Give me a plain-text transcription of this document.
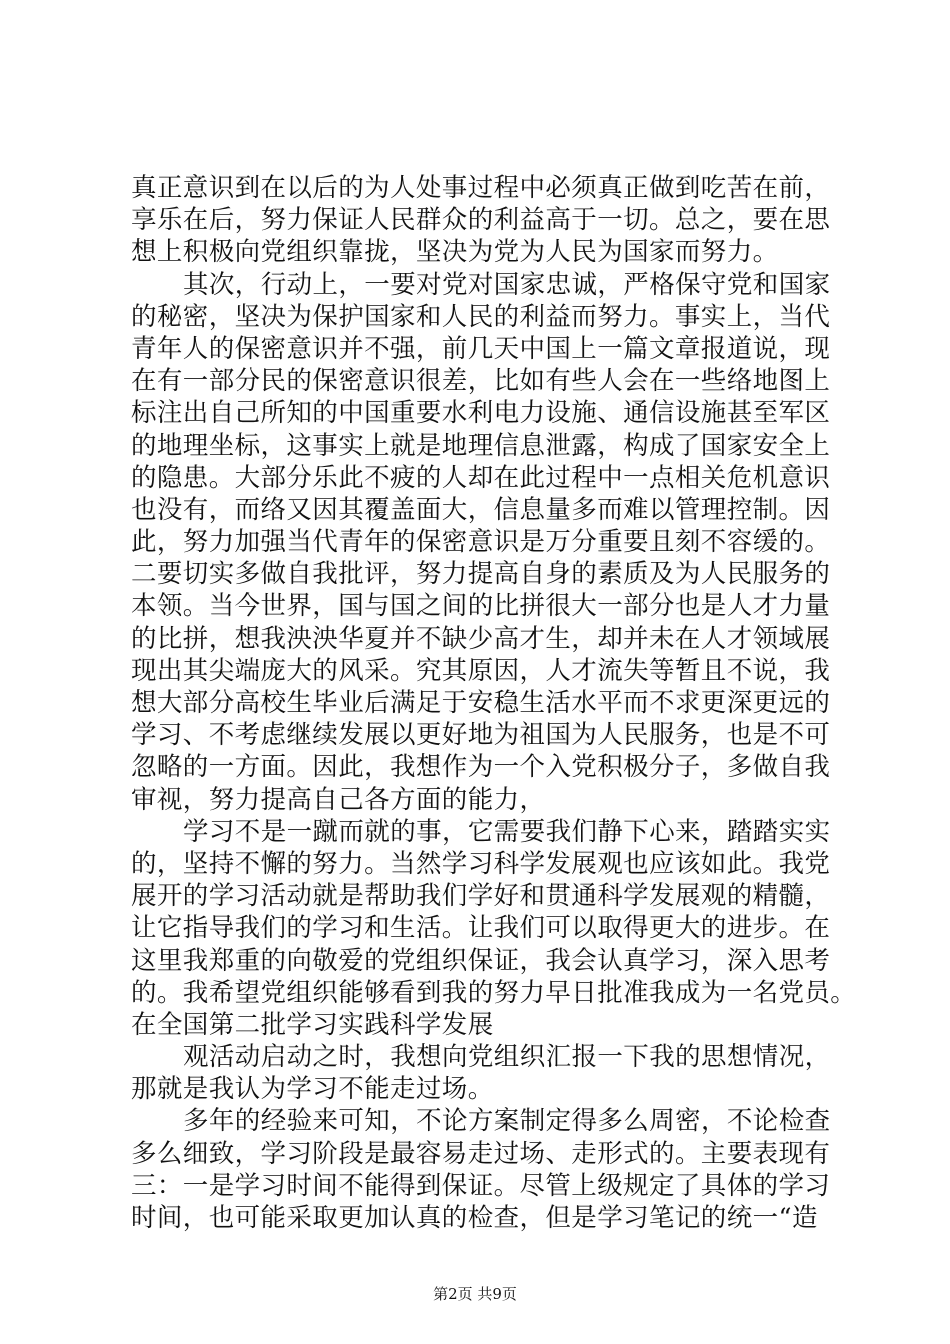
真正意识到在以后的为人处事过程中必须真正做到吃苦在前，
享乐在后，努力保证人民群众的利益高于一切。总之，要在思
想上积极向党组织靠拢，坚决为党为人民为国家而努力。
其次，行动上，一要对党对国家忠诚，严格保守党和国家
的秘密，坚决为保护国家和人民的利益而努力。事实上，当代
青年人的保密意识并不强，前几天中国上一篇文章报道说，现
在有一部分民的保密意识很差，比如有些人会在一些络地图上
标注出自己所知的中国重要水利电力设施、通信设施甚至军区
的地理坐标，这事实上就是地理信息泄露，构成了国家安全上
的隐患。大部分乐此不疲的人却在此过程中一点相关危机意识
也没有，而络又因其覆盖面大，信息量多而难以管理控制。因
此，努力加强当代青年的保密意识是万分重要且刻不容缓的。
二要切实多做自我批评，努力提高自身的素质及为人民服务的
本领。当今世界，国与国之间的比拼很大一部分也是人才力量
的比拼，想我泱泱华夏并不缺少高才生，却并未在人才领域展
现出其尖端庞大的风采。究其原因，人才流失等暂且不说，我
想大部分高校生毕业后满足于安稳生活水平而不求更深更远的
学习、不考虑继续发展以更好地为祖国为人民服务，也是不可
忽略的一方面。因此，我想作为一个入党积极分子，多做自我
审视，努力提高自己各方面的能力，
学习不是一蹴而就的事，它需要我们静下心来，踏踏实实
的，坚持不懈的努力。当然学习科学发展观也应该如此。我党
展开的学习活动就是帮助我们学好和贯通科学发展观的精髓，
让它指导我们的学习和生活。让我们可以取得更大的进步。在
这里我郑重的向敬爱的党组织保证，我会认真学习，深入思考
的。我希望党组织能够看到我的努力早日批准我成为一名党员。
在全国第二批学习实践科学发展
观活动启动之时，我想向党组织汇报一下我的思想情况，
那就是我认为学习不能走过场。
多年的经验来可知，不论方案制定得多么周密，不论检查
多么细致，学习阶段是最容易走过场、走形式的。主要表现有
三：一是学习时间不能得到保证。尽管上级规定了具体的学习
时间，也可能采取更加认真的检查，但是学习笔记的统一“造
第2页 共9页
